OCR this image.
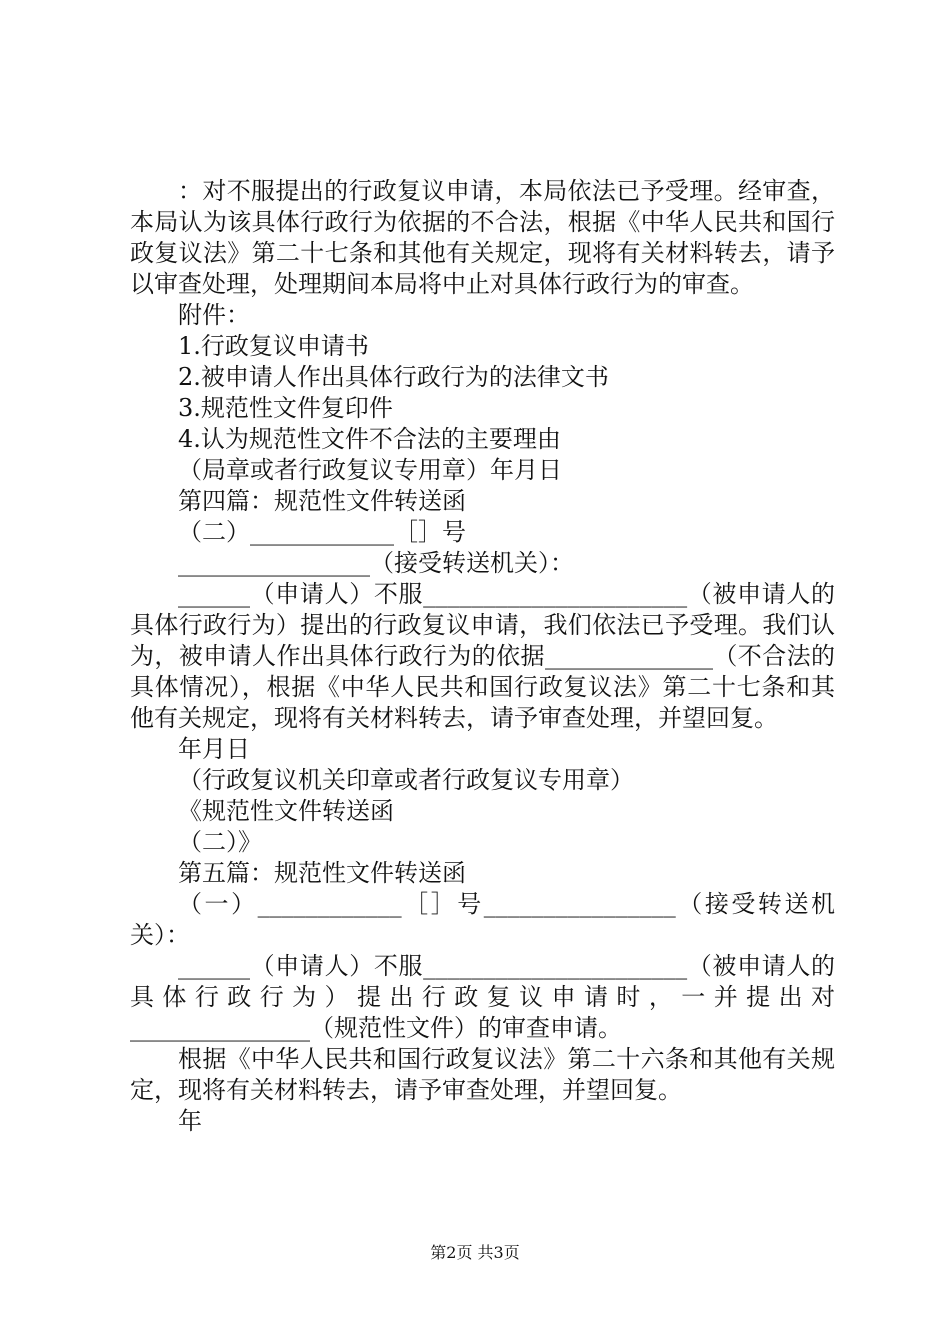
：对不服提出的行政复议申请，本局依法已予受理。经审查，本局认为该具体行政行为依据的不合法，根据《中华人民共和国行政复议法》第二十七条和其他有关规定，现将有关材料转去，请予以审查处理，处理期间本局将中止对具体行政行为的审查。

附件：

1.行政复议申请书

2.被申请人作出具体行政行为的法律文书

3.规范性文件复印件

4.认为规范性文件不合法的主要理由

（局章或者行政复议专用章）年月日

第四篇：规范性文件转送函

（二）____________［］号

________________（接受转送机关）：

______（申请人）不服______________________（被申请人的具体行政行为）提出的行政复议申请，我们依法已予受理。我们认为，被申请人作出具体行政行为的依据______________（不合法的具体情况），根据《中华人民共和国行政复议法》第二十七条和其他有关规定，现将有关材料转去，请予审查处理，并望回复。

年月日

（行政复议机关印章或者行政复议专用章）

《规范性文件转送函

（二）》

第五篇：规范性文件转送函

（一）____________［］号________________（接受转送机关）：

______（申请人）不服______________________（被申请人的具体行政行为）提出行政复议申请时，一并提出对_______________（规范性文件）的审查申请。

根据《中华人民共和国行政复议法》第二十六条和其他有关规定，现将有关材料转去，请予审查处理，并望回复。

年

第2页 共3页
